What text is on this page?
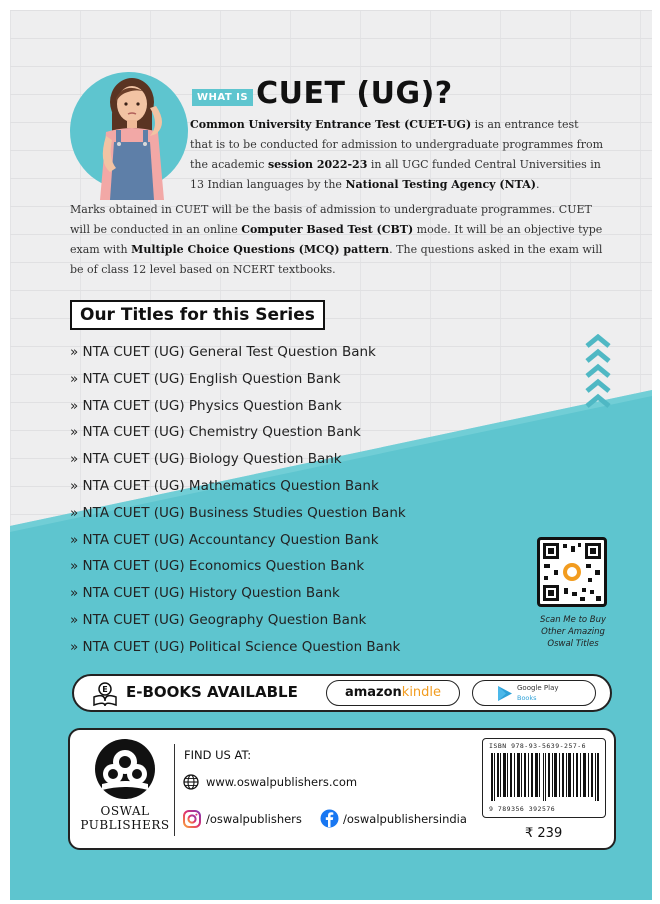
WHAT IS CUET (UG)?
Common University Entrance Test (CUET-UG) is an entrance test
that is to be conducted for admission to undergraduate programmes from
the academic session 2022-23 in all UGC funded Central Universities in
13 Indian languages by the National Testing Agency (NTA).
Marks obtained in CUET will be the basis of admission to undergraduate programmes. CUET
will be conducted in an online Computer Based Test (CBT) mode. It will be an objective type
exam with Multiple Choice Questions (MCQ) pattern. The questions asked in the exam will
be of class 12 level based on NCERT textbooks.
Our Titles for this Series
» NTA CUET (UG) General Test Question Bank
» NTA CUET (UG) English Question Bank
» NTA CUET (UG) Physics Question Bank
» NTA CUET (UG) Chemistry Question Bank
» NTA CUET (UG) Biology Question Bank
» NTA CUET (UG) Mathematics Question Bank
» NTA CUET (UG) Business Studies Question Bank
» NTA CUET (UG) Accountancy Question Bank
» NTA CUET (UG) Economics Question Bank
» NTA CUET (UG) History Question Bank
» NTA CUET (UG) Geography Question Bank
» NTA CUET (UG) Political Science Question Bank
Scan Me to Buy
Other Amazing
Oswal Titles
E E-BOOKS AVAILABLE	amazonkindle	Google Play
Books
OSWAL
PUBLISHERS
FIND US AT:
www.oswalpublishers.com
/oswalpublishers	/oswalpublishersindia
ISBN 978-93-5639-257-6
9 789356 392576
₹ 239
